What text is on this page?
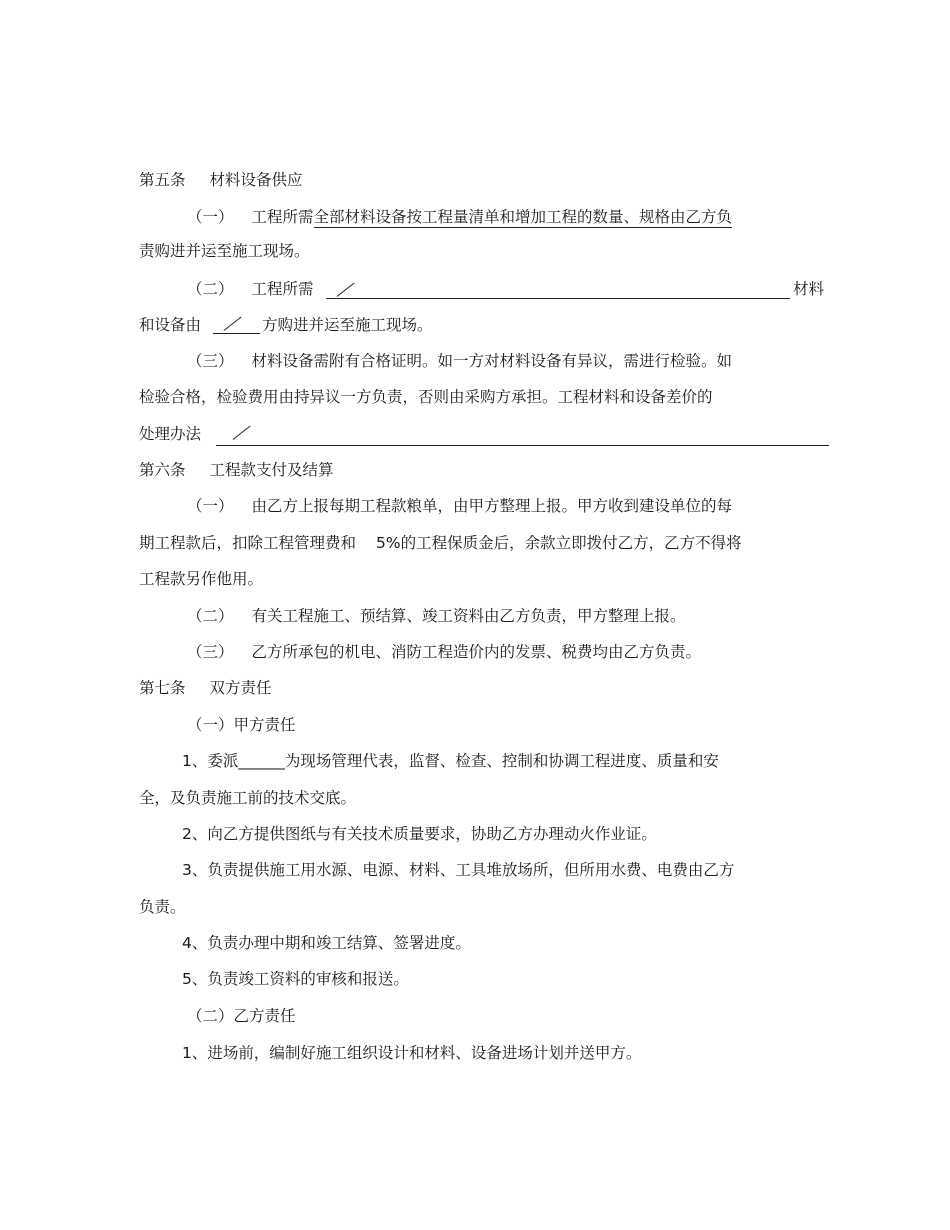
第五条 材料设备供应
（一） 工程所需全部材料设备按工程量清单和增加工程的数量、规格由乙方负
责购进并运至施工现场。
（二） 工程所需	材料
和设备由	方购进并运至施工现场。
（三） 材料设备需附有合格证明。如一方对材料设备有异议，需进行检验。如
检验合格，检验费用由持异议一方负责，否则由采购方承担。工程材料和设备差价的
处理办法
第六条 工程款支付及结算
（一） 由乙方上报每期工程款粮单，由甲方整理上报。甲方收到建设单位的每
期工程款后，扣除工程管理费和 5%的工程保质金后，余款立即拨付乙方，乙方不得将
工程款另作他用。
（二） 有关工程施工、预结算、竣工资料由乙方负责，甲方整理上报。
（三） 乙方所承包的机电、消防工程造价内的发票、税费均由乙方负责。
第七条 双方责任
（一）甲方责任
1、委派______为现场管理代表，监督、检查、控制和协调工程进度、质量和安
全，及负责施工前的技术交底。
2、向乙方提供图纸与有关技术质量要求，协助乙方办理动火作业证。
3、负责提供施工用水源、电源、材料、工具堆放场所，但所用水费、电费由乙方
负责。
4、负责办理中期和竣工结算、签署进度。
5、负责竣工资料的审核和报送。
（二）乙方责任
1、进场前，编制好施工组织设计和材料、设备进场计划并送甲方。
